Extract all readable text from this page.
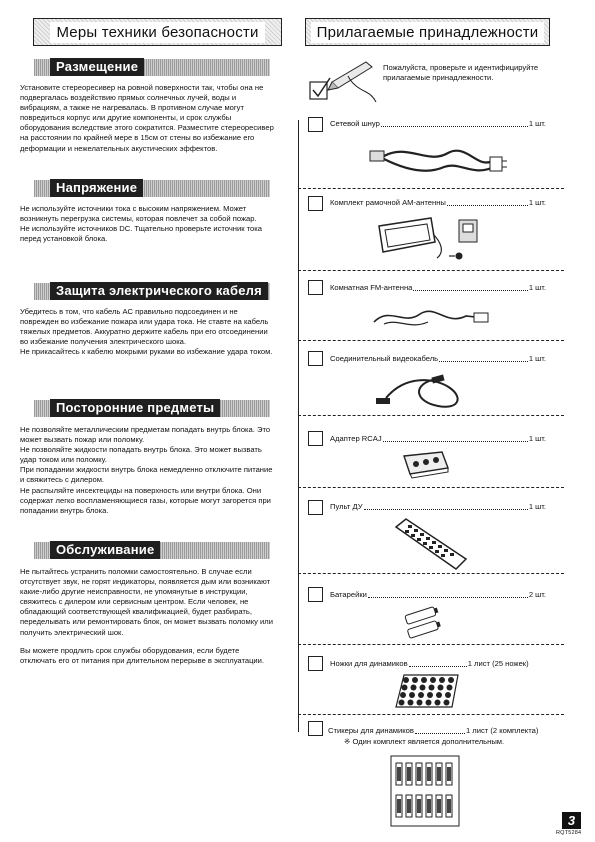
Меры техники безопасности	Прилагаемые принадлежности
Размещение

Установите стереоресивер на ровной поверхности так, чтобы она не подвергалась воздействию прямых солнечных лучей, воды и вибрациям, а также не нагревалась. В противном случае могут повредиться корпус или другие компоненты, и срок службы оборудования вследствие этого сократится. Разместите стереоресивер на расстоянии по крайней мере в 15см от стены во избежание его деформации и нежелательных акустических эффектов.

Напряжение

Не используйте источники тока с высоким напряжением. Может возникнуть перегрузка системы, которая повлечет за собой пожар.

Не используйте источников DC. Тщательно проверьте источник тока перед установкой блока.

Защита электрического кабеля

Убедитесь в том, что кабель AC правильно подсоединен и не поврежден во избежание пожара или удара тока. Не ставте на кабель тяжелых предметов. Аккуратно держите кабель при его отсоединении во избежание получения электрического шока.

Не прикасайтесь к кабелю мокрыми руками во избежание удара током.

Посторонние предметы

Не позволяйте металлическим предметам попадать внутрь блока. Это может вызвать пожар или поломку.

Не позволяйте жидкости попадать внутрь блока. Это может вызвать удар током или поломку.

При попадании жидкости внутрь блока немедленно отключите питание и свяжитесь с дилером.

Не распыляйте инсектециды на поверхность или внутри блока. Они содержат легко воспламеняющиеся газы, которые могут загорется при попадании внутрь блока.

Обслуживание

Не пытайтесь устранить поломки самостоятельно. В случае если отсутствует звук, не горят индикаторы, появляется дым или возникают какие-либо другие неисправности, не упомянутые в инструкции, свяжитесь с дилером или сервисным центром. Если человек, не обладающий соответствующей квалификацией, будет разбирать, переделывать или ремонтировать блок, он может вызвать поломку или получить электрический шок.

Вы можете продлить срок службы оборудования, если будете отключать его от питания при длительном перерыве в эксплуатации.

Пожалуйста, проверьте и идентифицируйте прилагаемые принадлежности.
Сетевой шнур	1 шт.
Комплект рамочной АМ-антенны	1 шт.
Комнатная FM-антенна	1 шт.
Соединительный видеокабель	1 шт.
Адаптер RCAJ	1 шт.
Пульт ДУ	1 шт.
Батарейки	2 шт.
Ножки для динамиков	1 лист (25 ножек)
Стикеры для динамиков	1 лист (2 комплекта)
※ Один комплект является дополнительным.
3
RQT5284
